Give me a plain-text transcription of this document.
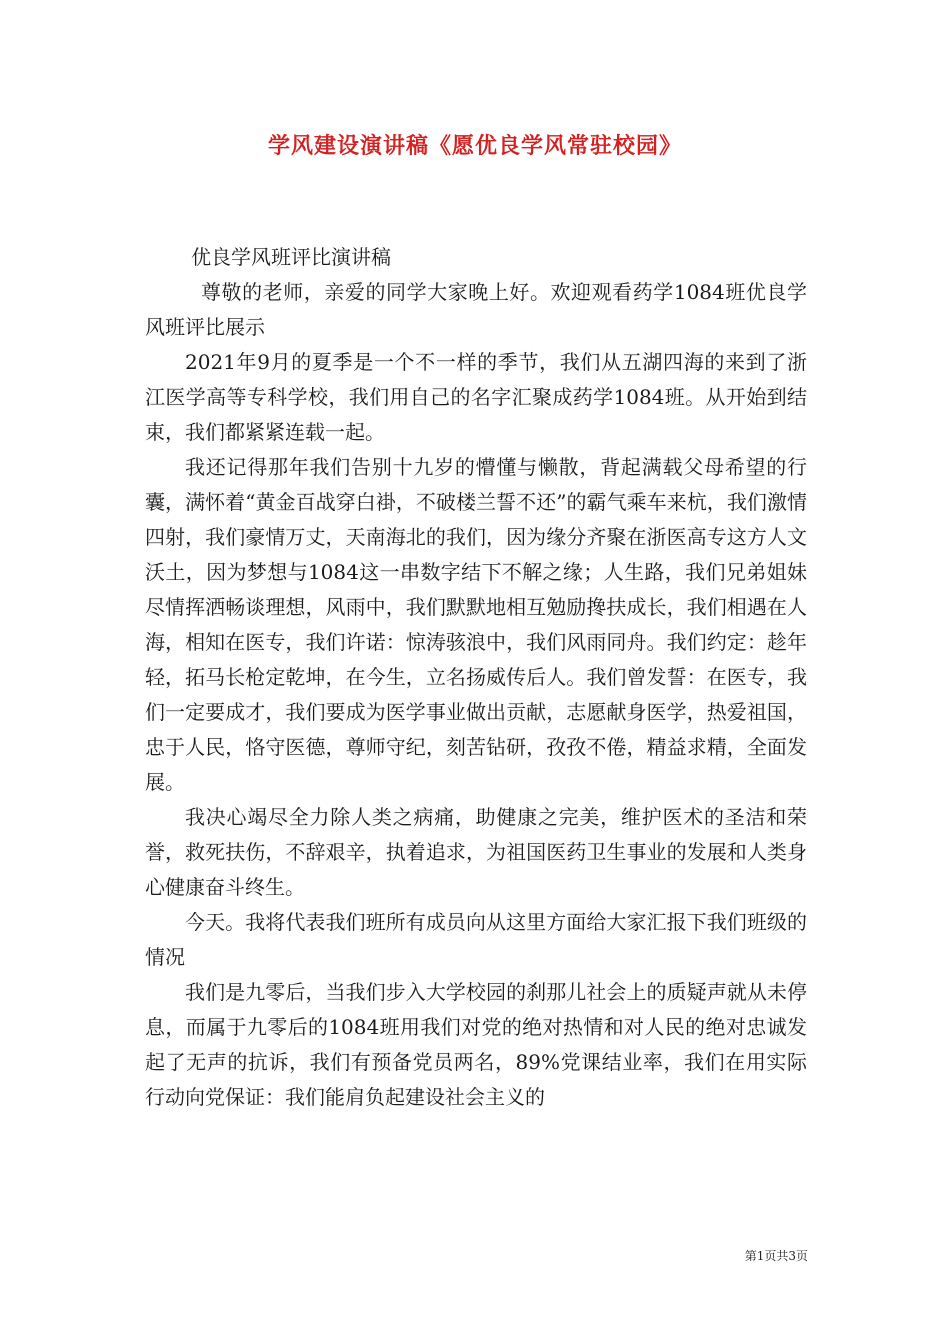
学风建设演讲稿《愿优良学风常驻校园》

优良学风班评比演讲稿

尊敬的老师，亲爱的同学大家晚上好。欢迎观看药学1084班优良学风班评比展示

2021年9月的夏季是一个不一样的季节，我们从五湖四海的来到了浙江医学高等专科学校，我们用自己的名字汇聚成药学1084班。从开始到结束，我们都紧紧连载一起。

我还记得那年我们告别十九岁的懵懂与懒散，背起满载父母希望的行囊，满怀着“黄金百战穿白褂，不破楼兰誓不还”的霸气乘车来杭，我们激情四射，我们豪情万丈，天南海北的我们，因为缘分齐聚在浙医高专这方人文沃土，因为梦想与1084这一串数字结下不解之缘；人生路，我们兄弟姐妹尽情挥洒畅谈理想，风雨中，我们默默地相互勉励搀扶成长，我们相遇在人海，相知在医专，我们许诺：惊涛骇浪中，我们风雨同舟。我们约定：趁年轻，拓马长枪定乾坤，在今生，立名扬威传后人。我们曾发誓：在医专，我们一定要成才，我们要成为医学事业做出贡献，志愿献身医学，热爱祖国，忠于人民，恪守医德，尊师守纪，刻苦钻研，孜孜不倦，精益求精，全面发展。

我决心竭尽全力除人类之病痛，助健康之完美，维护医术的圣洁和荣誉，救死扶伤，不辞艰辛，执着追求，为祖国医药卫生事业的发展和人类身心健康奋斗终生。

今天。我将代表我们班所有成员向从这里方面给大家汇报下我们班级的情况

我们是九零后，当我们步入大学校园的刹那儿社会上的质疑声就从未停息，而属于九零后的1084班用我们对党的绝对热情和对人民的绝对忠诚发起了无声的抗诉，我们有预备党员两名，89%党课结业率，我们在用实际行动向党保证：我们能肩负起建设社会主义的

第1页共3页
